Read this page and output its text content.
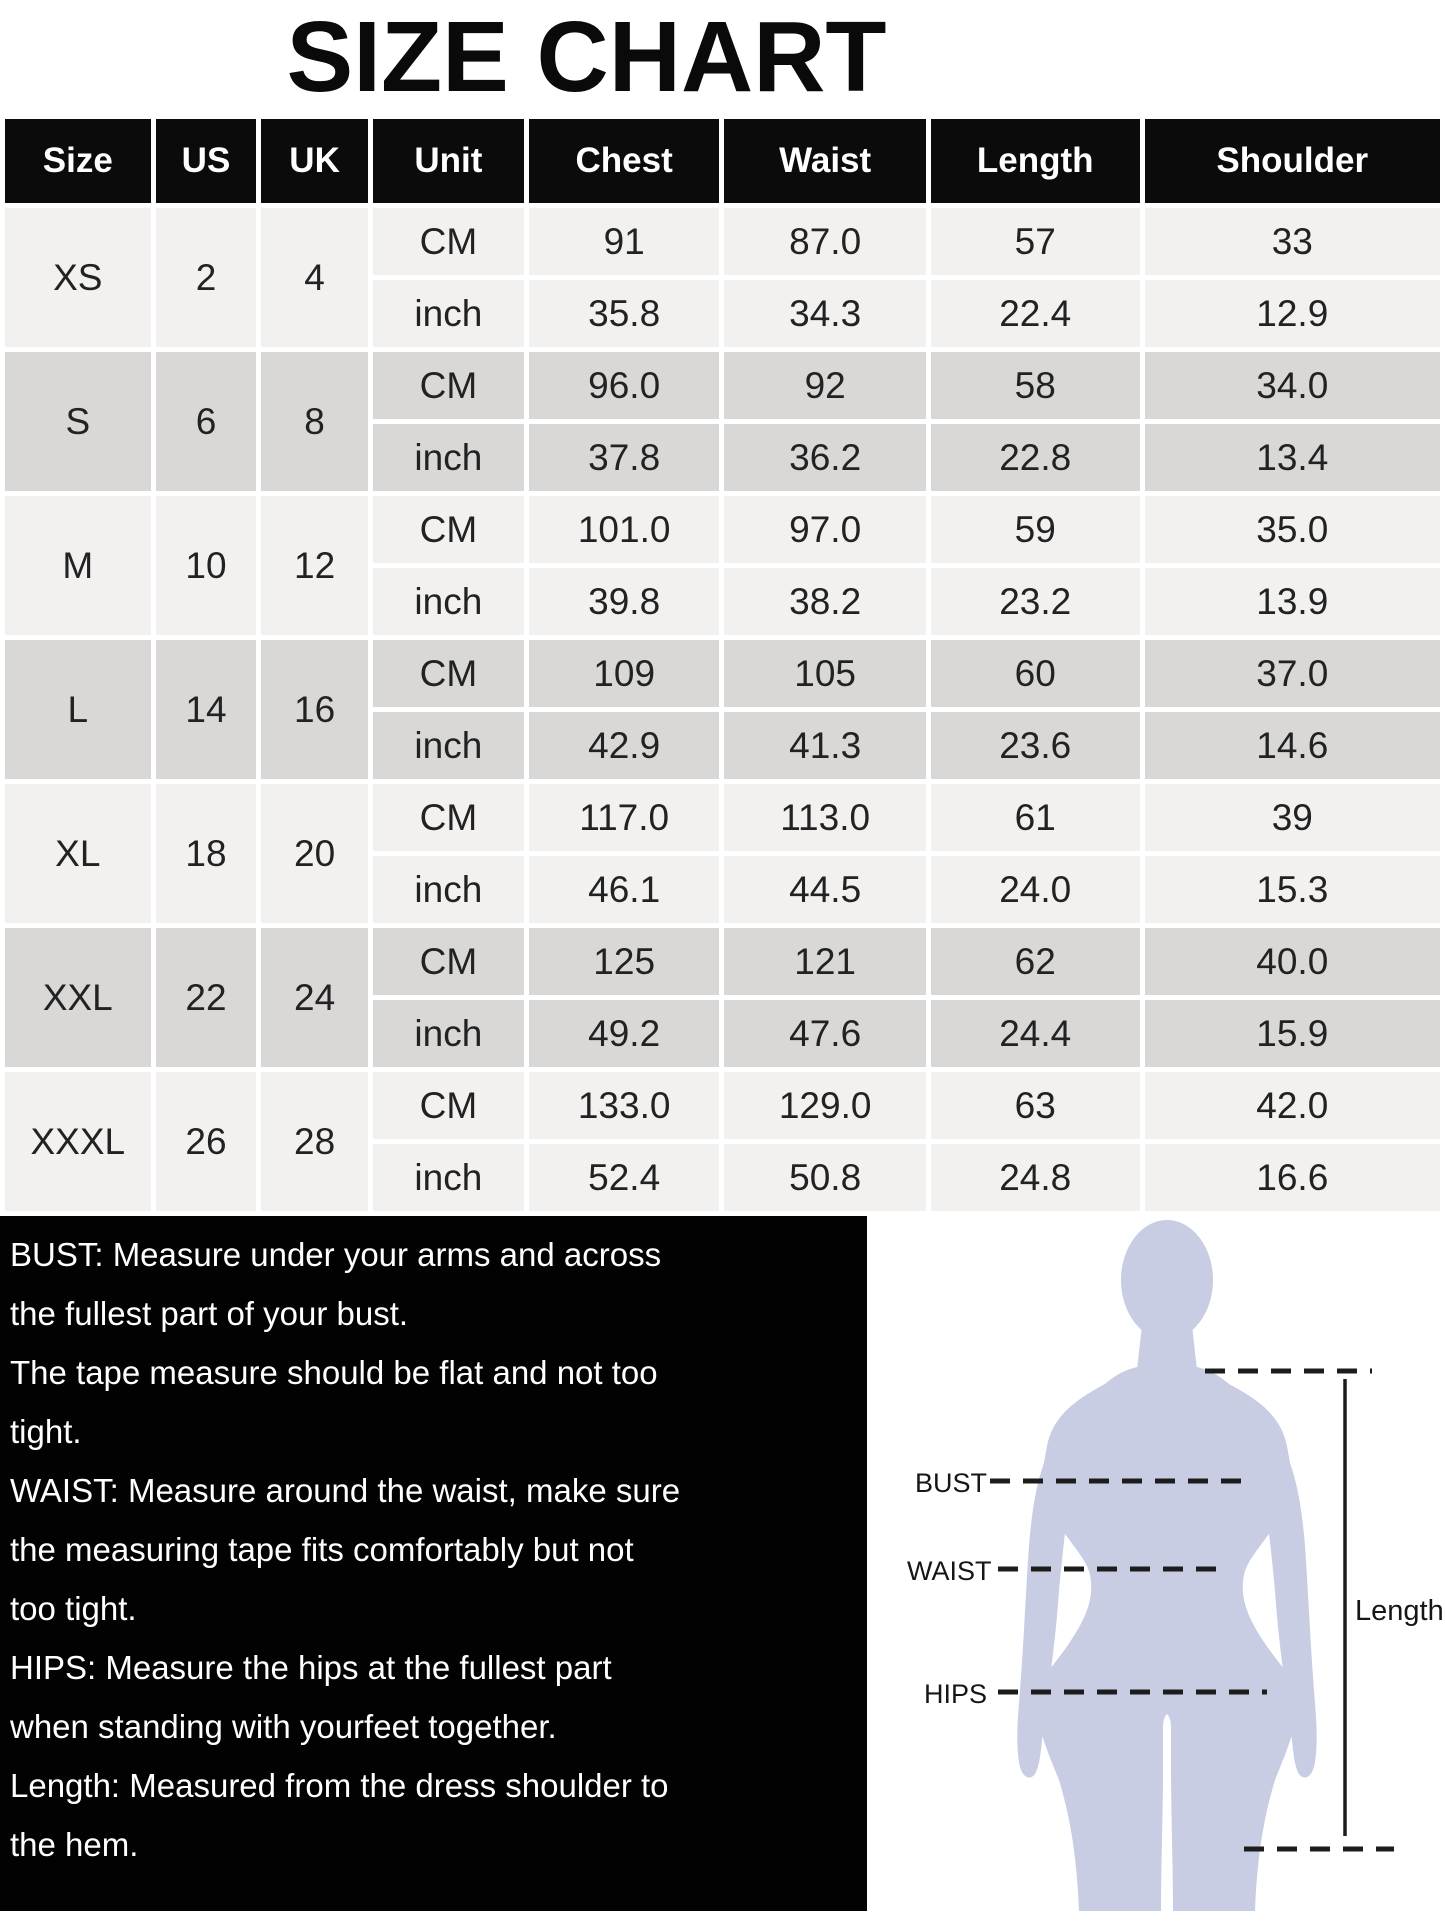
SIZE CHART
Size	US	UK	Unit	Chest	Waist	Length	Shoulder
XS	2	4	CM	91	87.0	57	33
			inch	35.8	34.3	22.4	12.9
S	6	8	CM	96.0	92	58	34.0
			inch	37.8	36.2	22.8	13.4
M	10	12	CM	101.0	97.0	59	35.0
			inch	39.8	38.2	23.2	13.9
L	14	16	CM	109	105	60	37.0
			inch	42.9	41.3	23.6	14.6
XL	18	20	CM	117.0	113.0	61	39
			inch	46.1	44.5	24.0	15.3
XXL	22	24	CM	125	121	62	40.0
			inch	49.2	47.6	24.4	15.9
XXXL	26	28	CM	133.0	129.0	63	42.0
			inch	52.4	50.8	24.8	16.6
BUST: Measure under your arms and across
the fullest part of your bust.
The tape measure should be flat and not too
tight.
WAIST: Measure around the waist, make sure
the measuring tape fits comfortably but not
too tight.
HIPS: Measure the hips at the fullest part
when standing with yourfeet together.
Length: Measured from the dress shoulder to
the hem.
BUST
WAIST
HIPS
Length
